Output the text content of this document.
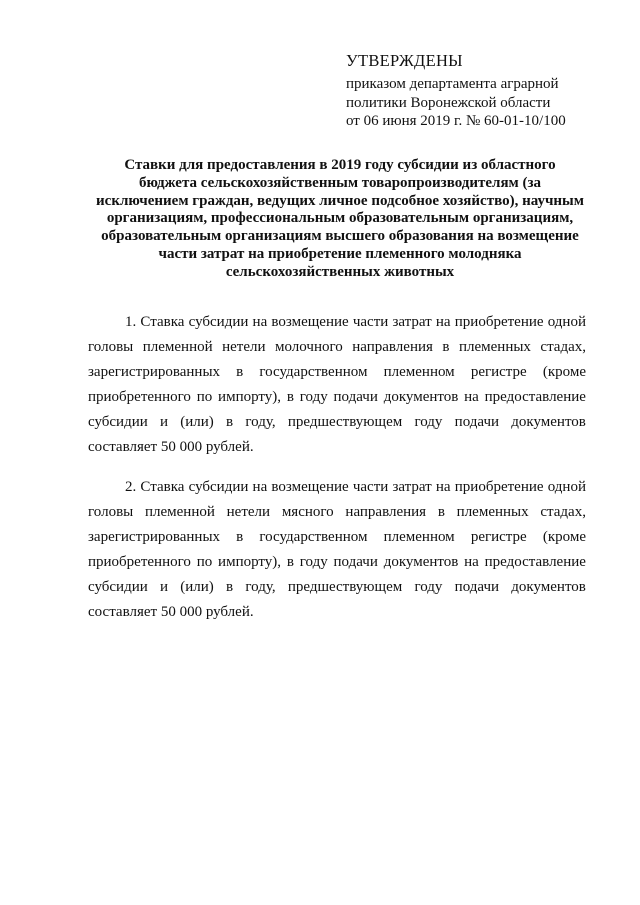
УТВЕРЖДЕНЫ
приказом департамента аграрной
политики Воронежской области
от 06 июня 2019 г. № 60-01-10/100
Ставки для предоставления в 2019 году субсидии из областного
бюджета сельскохозяйственным товаропроизводителям (за
исключением граждан, ведущих личное подсобное хозяйство), научным
организациям, профессиональным образовательным организациям,
образовательным организациям высшего образования на возмещение
части затрат на приобретение племенного молодняка
сельскохозяйственных животных
1. Ставка субсидии на возмещение части затрат на приобретение одной
головы племенной нетели молочного направления в племенных стадах,
зарегистрированных в государственном племенном регистре (кроме
приобретенного по импорту), в году подачи документов на предоставление
субсидии и (или) в году, предшествующем году подачи документов
составляет 50 000 рублей.
2. Ставка субсидии на возмещение части затрат на приобретение одной
головы племенной нетели мясного направления в племенных стадах,
зарегистрированных в государственном племенном регистре (кроме
приобретенного по импорту), в году подачи документов на предоставление
субсидии и (или) в году, предшествующем году подачи документов
составляет 50 000 рублей.
